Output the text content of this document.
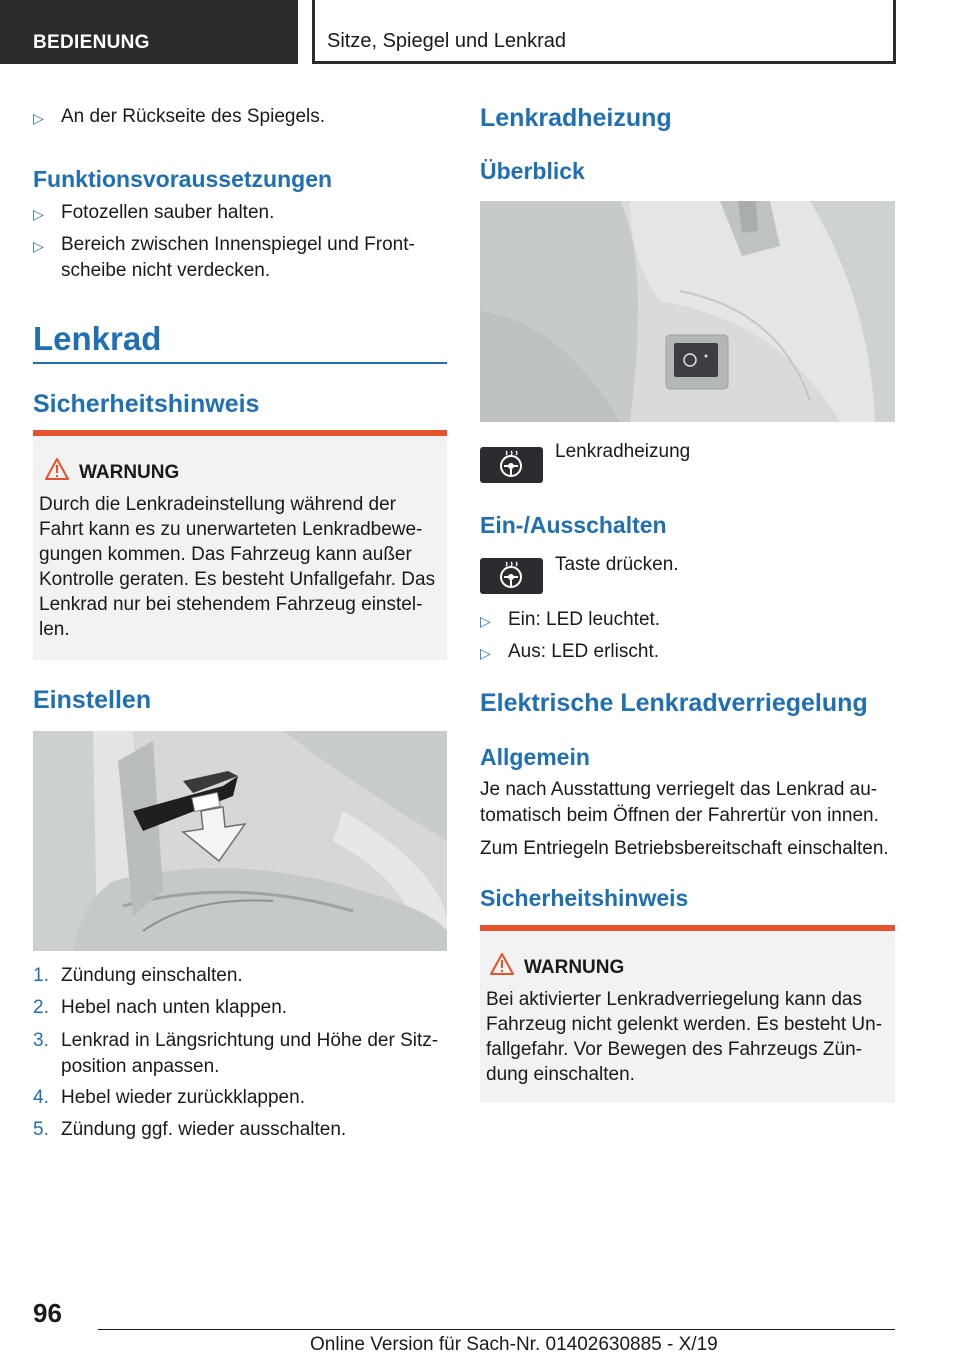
BEDIENUNG	Sitze, Spiegel und Lenkrad
▷ An der Rückseite des Spiegels.
Funktionsvoraussetzungen
▷ Fotozellen sauber halten.
▷ Bereich zwischen Innenspiegel und Front-
scheibe nicht verdecken.
Lenkrad
Sicherheitshinweis
WARNUNG
Durch die Lenkradeinstellung während der Fahrt kann es zu unerwarteten Lenkradbewe-gungen kommen. Das Fahrzeug kann außer Kontrolle geraten. Es besteht Unfallgefahr. Das Lenkrad nur bei stehendem Fahrzeug einstel-len.
Einstellen
1. Zündung einschalten.
2. Hebel nach unten klappen.
3. Lenkrad in Längsrichtung und Höhe der Sitz-
position anpassen.
4. Hebel wieder zurückklappen.
5. Zündung ggf. wieder ausschalten.
Lenkradheizung
Überblick
Lenkradheizung
Ein-/Ausschalten
Taste drücken.
▷ Ein: LED leuchtet.
▷ Aus: LED erlischt.
Elektrische Lenkradverriegelung
Allgemein
Je nach Ausstattung verriegelt das Lenkrad au-tomatisch beim Öffnen der Fahrertür von innen.
Zum Entriegeln Betriebsbereitschaft einschalten.
Sicherheitshinweis
WARNUNG
Bei aktivierter Lenkradverriegelung kann das Fahrzeug nicht gelenkt werden. Es besteht Un-fallgefahr. Vor Bewegen des Fahrzeugs Zün-dung einschalten.
96
Online Version für Sach-Nr. 01402630885 - X/19
